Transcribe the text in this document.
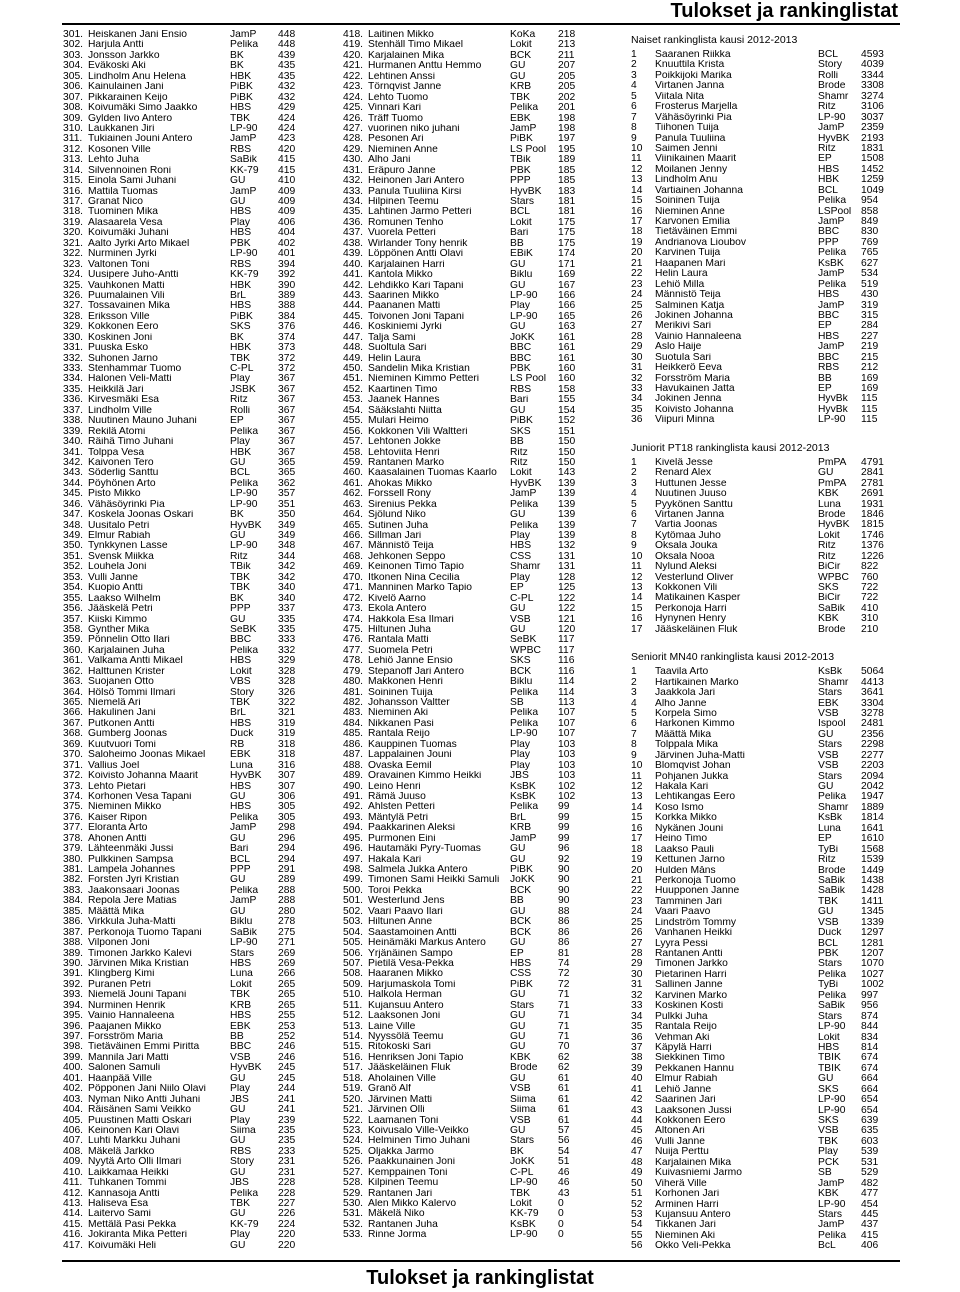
Tulokset ja rankinglistat
301. Heiskanen Jani Ensio	JamP	448
302. Harjula Antti	Pelika	448
303. Jonsson Jarkko	BK	439
304. Eväkoski Aki	BK	435
305. Lindholm Anu Helena	HBK	435
306. Kainulainen Jani	PiBK	432
307. Pikkarainen Keijo	PiBK	432
308. Koivumäki Simo Jaakko	HBS	429
309. Gylden Iivo Antero	TBK	424
310. Laukkanen Jiri	LP-90	424
311. Tukiainen Jouni Antero	JamP	423
312. Kosonen Ville	RBS	420
313. Lehto Juha	SaBik	415
314. Silvennoinen Roni	KK-79	415
315. Einola Sami Juhani	GU	410
316. Mattila Tuomas	JamP	409
317. Granat Nico	GU	409
318. Tuominen Mika	HBS	409
319. Alasaarela Vesa	Play	406
320. Koivumäki Juhani	HBS	404
321. Aalto Jyrki Arto Mikael	PBK	402
322. Nurminen Jyrki	LP-90	401
323. Valtonen Toni	RBS	394
324. Uusipere Juho-Antti	KK-79	392
325. Vauhkonen Matti	HBK	390
326. Puumalainen Vili	BrL	389
327. Tossavainen Mika	HBS	388
328. Eriksson Ville	PiBK	384
329. Kokkonen Eero	SKS	376
330. Koskinen Joni	BK	374
331. Puuska Esko	HBK	373
332. Suhonen Jarno	TBK	372
333. Stenhammar Tuomo	C-PL	372
334. Halonen Veli-Matti	Play	367
335. Heikkilä Jari	JSBK	367
336. Kirvesmäki Esa	Ritz	367
337. Lindholm Ville	Rolli	367
338. Nuutinen Mauno Juhani	EP	367
339. Rekilä Atomi	Pelika	367
340. Räihä Timo Juhani	Play	367
341. Tolppa Vesa	HBK	367
342. Kaivonen Tero	GU	365
343. Söderlig Santtu	BCL	365
344. Pöyhönen Arto	Pelika	362
345. Pisto Mikko	LP-90	357
346. Vähäsöyrinki Pia	LP-90	351
347. Koskela Joonas Oskari	BK	350
348. Uusitalo Petri	HyvBK	349
349. Elmur Rabiah	GU	349
350. Tynkkynen Lasse	LP-90	348
351. Svensk Miikka	Ritz	344
352. Louhela Joni	TBik	342
353. Vulli Janne	TBK	342
354. Kuopio Antti	TBK	340
355. Laakso Wilhelm	BK	340
356. Jääskelä Petri	PPP	337
357. Kiiski Kimmo	GU	335
358. Gynther Mika	SeBK	335
359. Pönnelin Otto Ilari	BBC	333
360. Karjalainen Juha	Pelika	332
361. Valkama Antti Mikael	HBS	329
362. Halttunen Krister	Lokit	328
363. Suojanen Otto	VBS	328
364. Hölsö Tommi Ilmari	Story	326
365. Niemelä Ari	TBK	322
366. Hakulinen Jani	BrL	321
367. Putkonen Antti	HBS	319
368. Gumberg Joonas	Duck	319
369. Kuutvuori Tomi	RB	318
370. Saloheimo Joonas Mikael	EBK	318
371. Vallius Joel	Luna	316
372. Koivisto Johanna Maarit	HyvBK	307
373. Lehto Pietari	HBS	307
374. Korhonen Vesa Tapani	GU	306
375. Nieminen Mikko	HBS	305
376. Kaiser Ripon	Pelika	305
377. Eloranta Arto	JamP	298
378. Ahonen Antti	GU	296
379. Lähteenmäki Jussi	Bari	294
380. Pulkkinen Sampsa	BCL	294
381. Lampela Johannes	PPP	291
382. Forsten Jyri Kristian	GU	289
383. Jaakonsaari Joonas	Pelika	288
384. Repola Jere Matias	JamP	288
385. Määttä Mika	GU	280
386. Virkkula Juha-Matti	Biklu	278
387. Perkonoja Tuomo Tapani	SaBik	275
388. Vilponen Joni	LP-90	271
389. Timonen Jarkko Kalevi	Stars	269
390. Järvinen Mika Kristian	HBS	269
391. Klingberg Kimi	Luna	266
392. Puranen Petri	Lokit	265
393. Niemelä Jouni Tapani	TBK	265
394. Nurminen Henrik	KRB	265
395. Vainio Hannaleena	HBS	255
396. Paajanen Mikko	EBK	253
397. Forsström Maria	BB	252
398. Tietäväinen Emmi Piritta	BBC	246
399. Mannila Jari Matti	VSB	246
400. Salonen Samuli	HyvBK	245
401. Haanpää Ville	GU	245
402. Pöpponen Jani Niilo Olavi	Play	244
403. Nyman Niko Antti Juhani	JBS	241
404. Räisänen Sami Veikko	GU	241
405. Puustinen Matti Oskari	Play	239
406. Keinonen Kari Olavi	Siima	235
407. Luhti Markku Juhani	GU	235
408. Mäkelä Jarkko	RBS	233
409. Nyytä Arto Olli Ilmari	Story	231
410. Laikkamaa Heikki	GU	231
411. Tuhkanen Tommi	JBS	228
412. Kannasoja Antti	Pelika	228
413. Haliseva Esa	TBK	227
414. Laitervo Sami	GU	226
415. Mettälä Pasi Pekka	KK-79	224
416. Jokiranta Mika Petteri	Play	220
417. Koivumäki Heli	GU	220
418. Laitinen Mikko	KoKa	218
419. Stenhäll Timo Mikael	Lokit	213
420. Karjalainen Mika	BCK	211
421. Hurmanen Anttu Hemmo	GU	207
422. Lehtinen Anssi	GU	205
423. Törnqvist Janne	KRB	205
424. Lehto Tuomo	TBK	202
425. Vinnari Kari	Pelika	201
426. Träff Tuomo	EBK	198
427. vuorinen niko juhani	JamP	198
428. Pesonen Ari	PiBK	197
429. Nieminen Anne	LS Pool	195
430. Alho Jani	TBik	189
431. Eräpuro Janne	PBK	185
432. Heinonen Jari Antero	PPP	185
433. Panula Tuuliina Kirsi	HyvBK	183
434. Hilpinen Teemu	Stars	181
435. Lahtinen Jarmo Petteri	BCL	181
436. Romunen Tenho	Lokit	175
437. Vuorela Petteri	Bari	175
438. Wirlander Tony henrik	BB	175
439. Löppönen Antti Olavi	EBiK	174
440. Karjalainen Harri	GU	171
441. Kantola Mikko	Biklu	169
442. Lehdikko Kari Tapani	GU	167
443. Saarinen Mikko	LP-90	166
444. Paananen Matti	Play	166
445. Toivonen Joni Tapani	LP-90	165
446. Koskiniemi Jyrki	GU	163
447. Talja Sami	JoKK	161
448. Suoltula Sari	BBC	161
449. Helin Laura	BBC	161
450. Sandelin Mika Kristian	PBK	160
451. Nieminen Kimmo Petteri	LS Pool	160
452. Kaartinen Timo	RBS	158
453. Jaanek Hannes	Bari	155
454. Sääkslahti Niitta	GU	154
455. Mulari Heimo	PiBK	152
456. Kokkonen Vili Waltteri	SKS	151
457. Lehtonen Jokke	BB	150
458. Lehtoviita Henri	Ritz	150
459. Rantanen Marko	Ritz	150
460. Kaasalainen Tuomas Kaarlo	Lokit	143
461. Ahokas Mikko	HyvBK	139
462. Forssell Rony	JamP	139
463. Sirenius Pekka	Pelika	139
464. Sjölund Niko	GU	139
465. Sutinen Juha	Pelika	139
466. Sillman Jari	Play	139
467. Männistö Teija	HBS	132
468. Jehkonen Seppo	CSS	131
469. Keinonen Timo Tapio	Shamr	131
470. Itkonen Nina Cecilia	Play	128
471. Manninen Marko Tapio	EP	125
472. Kivelö Aarno	C-PL	122
473. Ekola Antero	GU	122
474. Hakkola Esa Ilmari	VSB	121
475. Hiltunen Juha	GU	120
476. Rantala Matti	SeBK	117
477. Suomela Petri	WPBC	117
478. Lehiö Janne Ensio	SKS	116
479. Stepanoff Jari Antero	BCK	116
480. Makkonen Henri	Biklu	114
481. Soininen Tuija	Pelika	114
482. Johansson Valtter	SB	113
483. Nieminen Aki	Pelika	107
484. Nikkanen Pasi	Pelika	107
485. Rantala Reijo	LP-90	107
486. Kauppinen Tuomas	Play	103
487. Lappalainen Jouni	Play	103
488. Ovaska Eemil	Play	103
489. Oravainen Kimmo Heikki	JBS	103
490. Leino Henri	KsBK	102
491. Rämä Juuso	KsBK	102
492. Ahlsten Petteri	Pelika	99
493. Mäntylä Petri	BrL	99
494. Paakkarinen Aleksi	KRB	99
495. Purmonen Eini	JamP	99
496. Hautamäki Pyry-Tuomas	GU	96
497. Hakala Kari	GU	92
498. Salmela Jukka Antero	PiBK	90
499. Timonen Sami Heikki Samuli	JoKK	90
500. Toroi Pekka	BCK	90
501. Westerlund Jens	BB	90
502. Vaari Paavo Ilari	GU	88
503. Hiltunen Anne	BCK	86
504. Saastamoinen Antti	BCK	86
505. Heinämäki Markus Antero	GU	86
506. Yrjänäinen Sampo	EP	81
507. Pietilä Vesa-Pekka	HBS	74
508. Haaranen Mikko	CSS	72
509. Harjumaskola Tomi	PiBK	72
510. Halkola Herman	GU	71
511. Kujansuu Antero	Stars	71
512. Laaksonen Joni	GU	71
513. Laine Ville	GU	71
514. Nyyssölä Teemu	GU	71
515. Ritokoski Sari	GU	70
516. Henriksen Joni Tapio	KBK	62
517. Jääskeläinen Fluk	Brode	62
518. Aholainen Ville	GU	61
519. Granö Alf	VSB	61
520. Järvinen Matti	Siima	61
521. Järvinen Olli	Siima	61
522. Laamanen Toni	VSB	61
523. Koivusalo Ville-Veikko	GU	57
524. Helminen Timo Juhani	Stars	56
525. Oljakka Jarmo	BK	54
526. Paakkunainen Joni	JoKK	51
527. Kemppainen Toni	C-PL	46
528. Kilpinen Teemu	LP-90	46
529. Rantanen Jari	TBK	43
530. Alen Mikko Kalervo	Lokit	0
531. Mäkelä Niko	KK-79	0
532. Rantanen Juha	KsBK	0
533. Rinne Jorma	LP-90	0
Naiset rankinglista kausi 2012-2013
1	Saaranen Riikka	BCL	4593
2	Knuuttila Krista	Story	4039
3	Poikkijoki Marika	Rolli	3344
4	Virtanen Janna	Brode	3308
5	Viitala Nita	Shamr	3274
6	Frosterus Marjella	Ritz	3106
7	Vähäsöyrinki Pia	LP-90	3037
8	Tiihonen Tuija	JamP	2359
9	Panula Tuuliina	HyvBK	2193
10	Saimen Jenni	Ritz	1831
11	Viinikainen Maarit	EP	1508
12	Moilanen Jenny	HBS	1452
13	Lindholm Anu	HBK	1259
14	Vartiainen Johanna	BCL	1049
15	Soininen Tuija	Pelika	954
16	Nieminen Anne	LSPool 858
17	Karvonen Emilia	JamP	849
18	Tietäväinen Emmi	BBC	830
19	Andrianova Lioubov	PPP	769
20	Karvinen Tuija	Pelika	765
21	Haapanen Mari	KsBK	627
22	Helin Laura	JamP	534
23	Lehiö Milla	Pelika	519
24	Männistö Teija	HBS	430
25	Salminen Katja	JamP	319
26	Jokinen Johanna	BBC	315
27	Merikivi Sari	EP	284
28	Vainio Hannaleena	HBS	227
29	Aslo Haije	JamP	219
30	Suotula Sari	BBC	215
31	Heikkerö Eeva	RBS	212
32	Forsström Maria	BB	169
33	Havukainen Jatta	EP	169
34	Jokinen Jenna	HyvBk	115
35	Koivisto Johanna	HyvBk	115
36	Viipuri Minna	LP-90	115
Juniorit PT18 rankinglista kausi 2012-2013
1	Kivelä Jesse	PmPA	4791
2	Renard Alex	GU	2841
3	Huttunen Jesse	PmPA	2781
4	Nuutinen Juuso	KBK	2691
5	Pyykönen Santtu	Luna	1931
6	Virtanen Janna	Brode	1846
7	Vartia Joonas	HyvBK	1815
8	Kytömaa Juho	Lokit	1746
9	Oksala Jouka	Ritz	1376
10	Oksala Nooa	Ritz	1226
11	Nylund Aleksi	BiCir	822
12	Vesterlund Oliver	WPBC	760
13	Kokkonen Vili	SKS	722
14	Matikainen Kasper	BiCir	722
15	Perkonoja Harri	SaBik	410
16	Hynynen Henry	KBK	310
17	Jääskeläinen Fluk	Brode	210
Seniorit MN40 rankinglista kausi 2012-2013
1	Taavila Arto	KsBk	5064
2	Hartikainen Marko	Shamr	4413
3	Jaakkola Jari	Stars	3641
4	Alho Janne	EBK	3304
5	Korpela Simo	VSB	3278
6	Harkonen Kimmo	Ispool	2481
7	Määttä Mika	GU	2356
8	Tolppala Mika	Stars	2298
9	Järvinen Juha-Matti	VSB	2277
10	Blomqvist Johan	VSB	2203
11	Pohjanen Jukka	Stars	2094
12	Hakala Kari	GU	2042
13	Lehtikangas Eero	Pelika	1947
14	Koso Ismo	Shamr	1889
15	Korkka Mikko	KsBk	1814
16	Nykänen Jouni	Luna	1641
17	Heino Timo	EP	1610
18	Laakso Pauli	TyBi	1568
19	Kettunen Jarno	Ritz	1539
20	Hulden Måns	Brode	1449
21	Perkonoja Tuomo	SaBik	1438
22	Huupponen Janne	SaBik	1428
23	Tamminen Jari	TBK	1411
24	Vaari Paavo	GU	1345
25	Lindström Tommy	VSB	1339
26	Vanhanen Heikki	Duck	1297
27	Lyyra Pessi	BCL	1281
28	Rantanen Antti	PBK	1207
29	Timonen Jarkko	Stars	1070
30	Pietarinen Harri	Pelika	1027
31	Sallinen Janne	TyBi	1002
32	Karvinen Marko	Pelika	997
33	Koskinen Kosti	SaBik	956
34	Pulkki Juha	Stars	874
35	Rantala Reijo	LP-90	844
36	Vehman Aki	Lokit	834
37	Käpylä Harri	HBS	814
38	Siekkinen Timo	TBIK	674
39	Pekkanen Hannu	TBIK	674
40	Elmur Rabiah	GU	664
41	Lehiö Janne	SKS	664
42	Saarinen Jari	LP-90	654
43	Laaksonen Jussi	LP-90	654
44	Kokkonen Eero	SKS	639
45	Altonen Ari	VSB	635
46	Vulli Janne	TBK	603
47	Nuija Perttu	Play	539
48	Karjalainen Mika	PCK	531
49	Kuivasniemi Jarmo	SB	529
50	Viherä Ville	JamP	482
51	Korhonen Jari	KBK	477
52	Arminen Harri	LP-90	454
53	Kujansuu Antero	Stars	445
54	Tikkanen Jari	JamP	437
55	Nieminen Aki	Pelika	415
56	Okko Veli-Pekka	BcL	406
Tulokset ja rankinglistat
